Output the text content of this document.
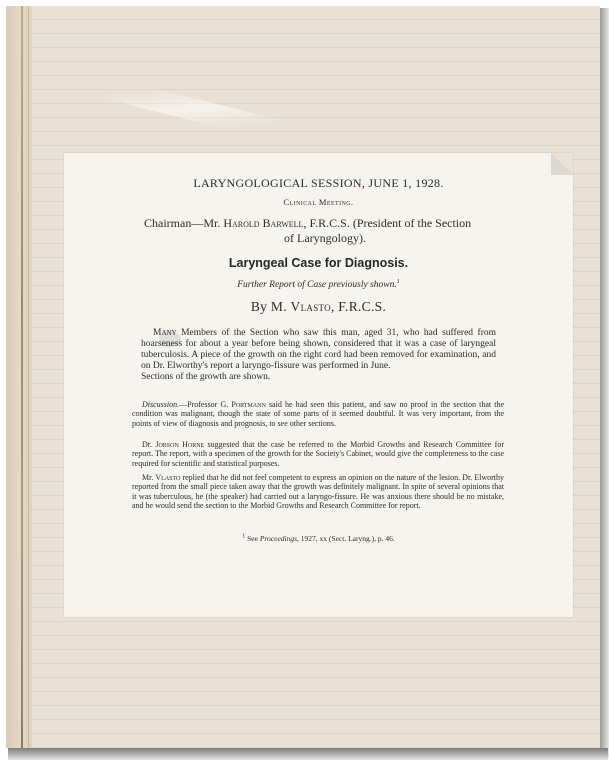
LARYNGOLOGICAL SESSION, JUNE 1, 1928.
Clinical Meeting.
Chairman—Mr. Harold Barwell, F.R.C.S. (President of the Section
of Laryngology).
Laryngeal Case for Diagnosis.
Further Report of Case previously shown.$^1$
By M. Vlasto, F.R.C.S.
Many Members of the Section who saw this man, aged 31, who had suffered from hoarseness for about a year before being shown, considered that it was a case of laryngeal tuberculosis. A piece of the growth on the right cord had been removed for examination, and on Dr. Elworthy's report a laryngo-fissure was performed in June.
Sections of the growth are shown.
Discussion.—Professor G. Portmann said he had seen this patient, and saw no proof in the section that the condition was malignant, though the state of some parts of it seemed doubtful. It was very important, from the points of view of diagnosis and prognosis, to see other sections.
Dr. Jobson Horne suggested that the case be referred to the Morbid Growths and Research Committee for report. The report, with a specimen of the growth for the Society's Cabinet, would give the completeness to the case required for scientific and statistical purposes.
Mr. Vlasto replied that he did not feel competent to express an opinion on the nature of the lesion. Dr. Elworthy reported from the small piece taken away that the growth was definitely malignant. In spite of several opinions that it was tuberculous, he (the speaker) had carried out a laryngo-fissure. He was anxious there should be no mistake, and he would send the section to the Morbid Growths and Research Committee for report.
$^1$ See Proceedings, 1927, xx (Sect. Laryng.), p. 46.
